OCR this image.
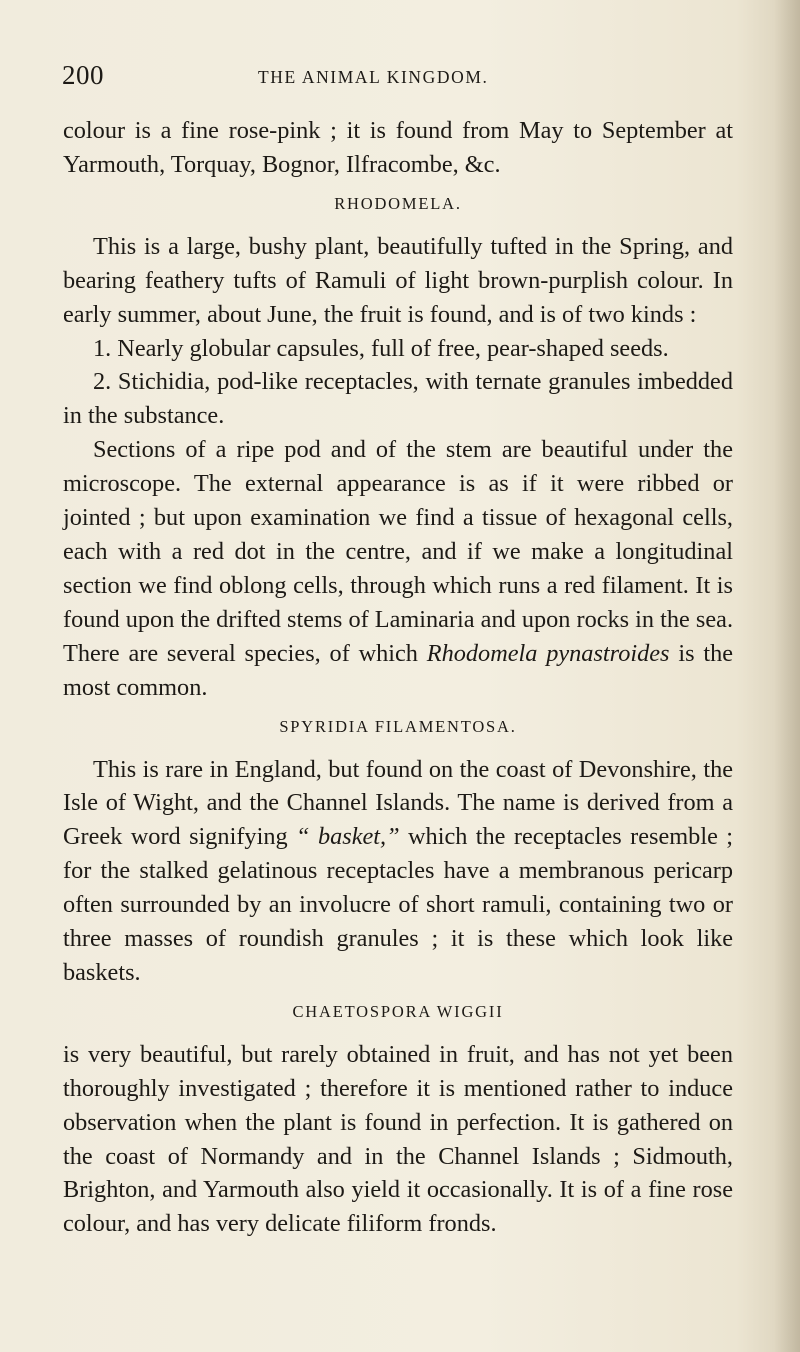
200	THE ANIMAL KINGDOM.

colour is a fine rose-pink ; it is found from May to September at Yarmouth, Torquay, Bognor, Ilfracombe, &c.

RHODOMELA.

This is a large, bushy plant, beautifully tufted in the Spring, and bearing feathery tufts of Ramuli of light brown-purplish colour. In early summer, about June, the fruit is found, and is of two kinds :

1. Nearly globular capsules, full of free, pear-shaped seeds.

2. Stichidia, pod-like receptacles, with ternate granules imbedded in the substance.

Sections of a ripe pod and of the stem are beautiful under the microscope. The external appearance is as if it were ribbed or jointed ; but upon examination we find a tissue of hexagonal cells, each with a red dot in the centre, and if we make a longitudinal section we find oblong cells, through which runs a red filament. It is found upon the drifted stems of Laminaria and upon rocks in the sea. There are several species, of which Rhodomela pynastroides is the most common.

SPYRIDIA FILAMENTOSA.

This is rare in England, but found on the coast of Devonshire, the Isle of Wight, and the Channel Islands. The name is derived from a Greek word signifying “ basket,” which the receptacles resemble ; for the stalked gelatinous receptacles have a membranous pericarp often surrounded by an involucre of short ramuli, containing two or three masses of roundish granules ; it is these which look like baskets.

CHAETOSPORA WIGGII

is very beautiful, but rarely obtained in fruit, and has not yet been thoroughly investigated ; therefore it is mentioned rather to induce observation when the plant is found in perfection. It is gathered on the coast of Normandy and in the Channel Islands ; Sidmouth, Brighton, and Yarmouth also yield it occasionally. It is of a fine rose colour, and has very delicate filiform fronds.
